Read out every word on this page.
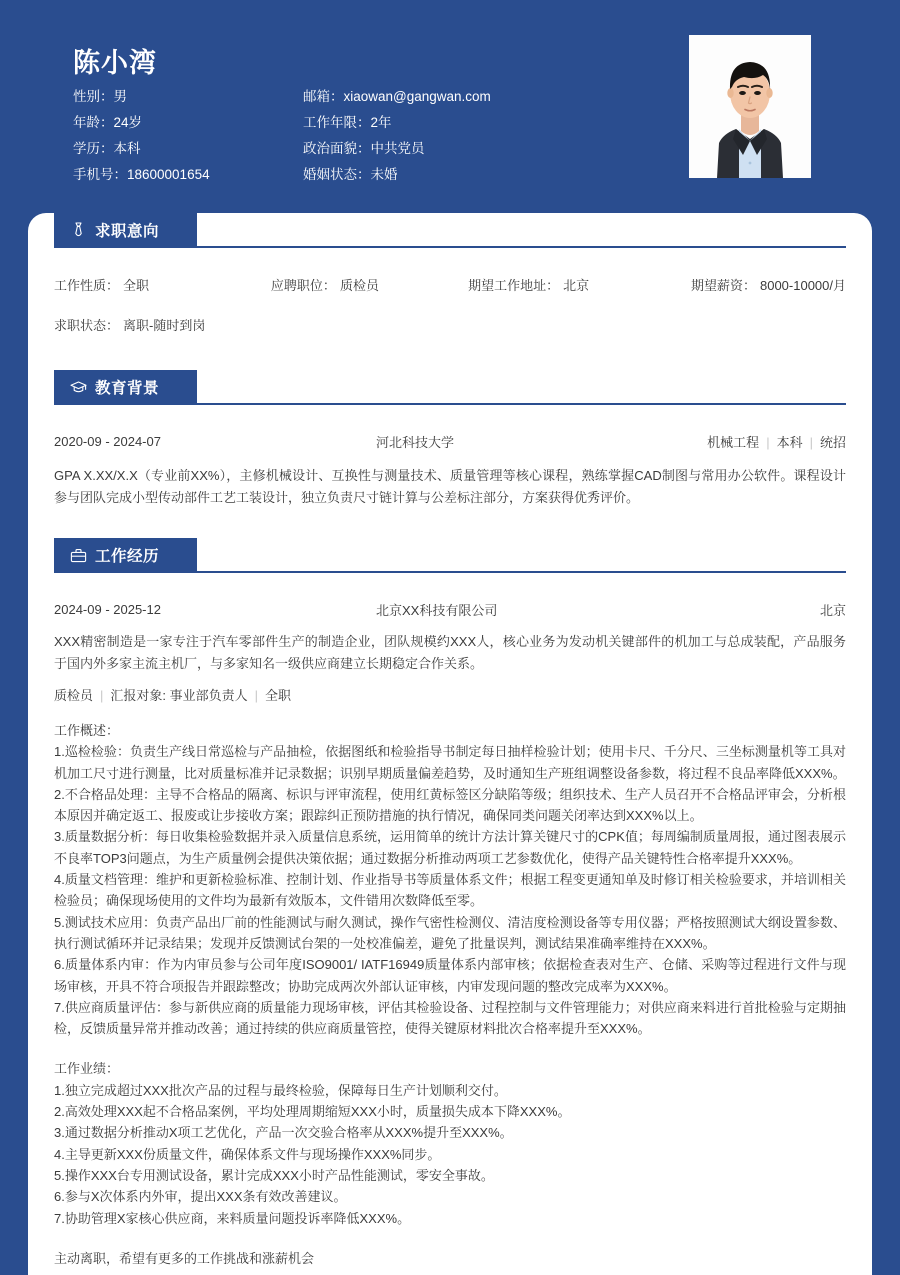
陈小湾
性别：男	邮箱：xiaowan@gangwan.com
年龄：24岁	工作年限：2年
学历：本科	政治面貌：中共党员
手机号：18600001654	婚姻状态：未婚
求职意向
工作性质： 全职	应聘职位： 质检员	期望工作地址： 北京	期望薪资： 8000-10000/月
求职状态： 离职-随时到岗
教育背景
2020-09 - 2024-07	河北科技大学	机械工程 | 本科 | 统招
GPA X.XX/X.X（专业前XX%），主修机械设计、互换性与测量技术、质量管理等核心课程，熟练掌握CAD制图与常用办公软件。课程设计参与团队完成小型传动部件工艺工装设计，独立负责尺寸链计算与公差标注部分，方案获得优秀评价。
工作经历
2024-09 - 2025-12	北京XX科技有限公司	北京
XXX精密制造是一家专注于汽车零部件生产的制造企业，团队规模约XXX人，核心业务为发动机关键部件的机加工与总成装配，产品服务于国内外多家主流主机厂，与多家知名一级供应商建立长期稳定合作关系。
质检员 | 汇报对象: 事业部负责人 | 全职

工作概述：

1.巡检检验：负责生产线日常巡检与产品抽检，依据图纸和检验指导书制定每日抽样检验计划；使用卡尺、千分尺、三坐标测量机等工具对机加工尺寸进行测量，比对质量标准并记录数据；识别早期质量偏差趋势，及时通知生产班组调整设备参数，将过程不良品率降低XXX%。

2.不合格品处理：主导不合格品的隔离、标识与评审流程，使用红黄标签区分缺陷等级；组织技术、生产人员召开不合格品评审会，分析根本原因并确定返工、报废或让步接收方案；跟踪纠正预防措施的执行情况，确保同类问题关闭率达到XXX%以上。

3.质量数据分析：每日收集检验数据并录入质量信息系统，运用简单的统计方法计算关键尺寸的CPK值；每周编制质量周报，通过图表展示不良率TOP3问题点，为生产质量例会提供决策依据；通过数据分析推动两项工艺参数优化，使得产品关键特性合格率提升XXX%。

4.质量文档管理：维护和更新检验标准、控制计划、作业指导书等质量体系文件；根据工程变更通知单及时修订相关检验要求，并培训相关检验员；确保现场使用的文件均为最新有效版本，文件错用次数降低至零。

5.测试技术应用：负责产品出厂前的性能测试与耐久测试，操作气密性检测仪、清洁度检测设备等专用仪器；严格按照测试大纲设置参数、执行测试循环并记录结果；发现并反馈测试台架的一处校准偏差，避免了批量误判，测试结果准确率维持在XXX%。

6.质量体系内审：作为内审员参与公司年度ISO9001/ IATF16949质量体系内部审核；依据检查表对生产、仓储、采购等过程进行文件与现场审核，开具不符合项报告并跟踪整改；协助完成两次外部认证审核，内审发现问题的整改完成率为XXX%。

7.供应商质量评估：参与新供应商的质量能力现场审核，评估其检验设备、过程控制与文件管理能力；对供应商来料进行首批检验与定期抽检，反馈质量异常并推动改善；通过持续的供应商质量管控，使得关键原材料批次合格率提升至XXX%。

工作业绩：

1.独立完成超过XXX批次产品的过程与最终检验，保障每日生产计划顺利交付。

2.高效处理XXX起不合格品案例，平均处理周期缩短XXX小时，质量损失成本下降XXX%。

3.通过数据分析推动X项工艺优化，产品一次交验合格率从XXX%提升至XXX%。

4.主导更新XXX份质量文件，确保体系文件与现场操作XXX%同步。

5.操作XXX台专用测试设备，累计完成XXX小时产品性能测试，零安全事故。

6.参与X次体系内外审，提出XXX条有效改善建议。

7.协助管理X家核心供应商，来料质量问题投诉率降低XXX%。

主动离职，希望有更多的工作挑战和涨薪机会
